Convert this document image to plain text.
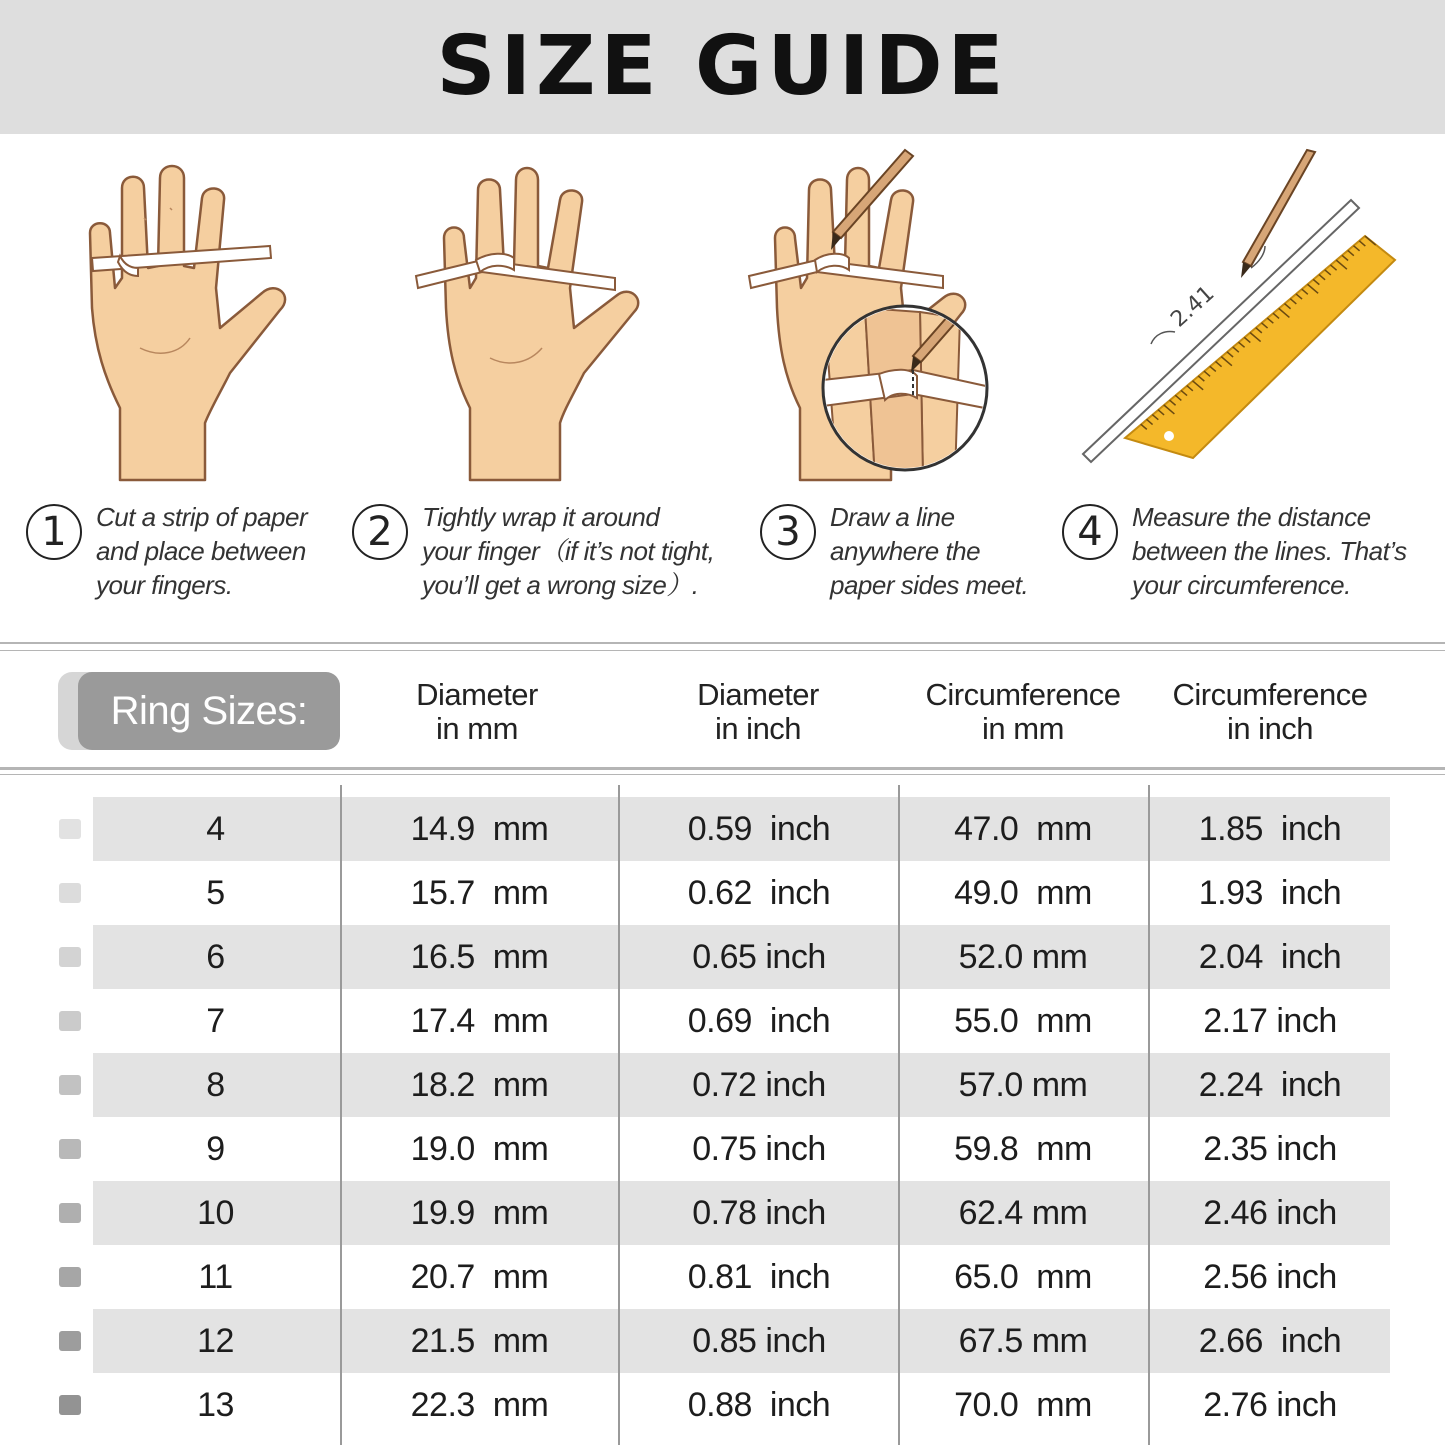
SIZE GUIDE
2.41
1	Cut a strip of paper
and place between
your fingers.
2	Tightly wrap it around
your finger（if it’s not tight,
you’ll get a wrong size）.
3	Draw a line
anywhere the
paper sides meet.
4	Measure the distance
between the lines. That’s
your circumference.
Ring Sizes:	Diameter
in mm
Diameter
in inch
Circumference
in mm
Circumference
in inch
4	14.9  mm	0.59  inch	47.0  mm	1.85  inch
5	15.7  mm	0.62  inch	49.0  mm	1.93  inch
6	16.5  mm	0.65 inch	52.0 mm	2.04  inch
7	17.4  mm	0.69  inch	55.0  mm	2.17 inch
8	18.2  mm	0.72 inch	57.0 mm	2.24  inch
9	19.0  mm	0.75 inch	59.8  mm	2.35 inch
10	19.9  mm	0.78 inch	62.4 mm	2.46 inch
11	20.7  mm	0.81  inch	65.0  mm	2.56 inch
12	21.5  mm	0.85 inch	67.5 mm	2.66  inch
13	22.3  mm	0.88  inch	70.0  mm	2.76 inch
